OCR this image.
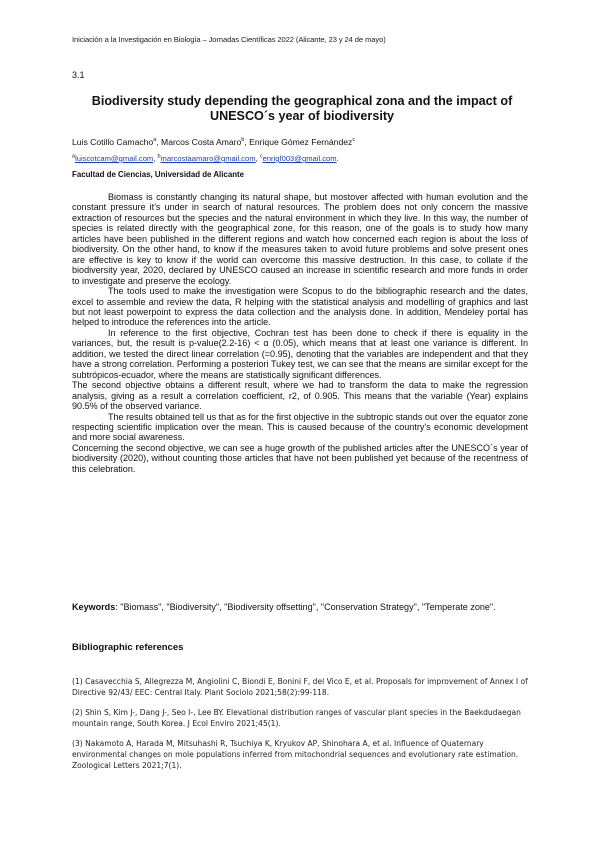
Iniciación a la Investigación en Biología – Jornadas Científicas 2022 (Alicante, 23 y 24 de mayo)
3.1
Biodiversity study depending the geographical zona and the impact of UNESCO´s year of biodiversity
Luis Cotillo Camacho$^a$, Marcos Costa Amaro$^b$, Enrique Gómez Fernández$^c$
$^a$luiscotcam@gmail.com, $^b$marcostaamaro@gmail.com, $^c$enrigf003@gmail.com.
Facultad de Ciencias, Universidad de Alicante

Biomass is constantly changing its natural shape, but mostover affected with human evolution and the constant pressure it's under in search of natural resources. The problem does not only concern the massive extraction of resources but the species and the natural environment in which they live. In this way, the number of species is related directly with the geographical zone, for this reason, one of the goals is to study how many articles have been published in the different regions and watch how concerned each region is about the loss of biodiversity. On the other hand, to know if the measures taken to avoid future problems and solve present ones are effective is key to know if the world can overcome this massive destruction. In this case, to collate if the biodiversity year, 2020, declared by UNESCO caused an increase in scientific research and more funds in order to investigate and preserve the ecology.

The tools used to make the investigation were Scopus to do the bibliographic research and the dates, excel to assemble and review the data, R helping with the statistical analysis and modelling of graphics and last but not least powerpoint to express the data collection and the analysis done. In addition, Mendeley portal has helped to introduce the references into the article.

In reference to the first objective, Cochran test has been done to check if there is equality in the variances, but, the result is p-value(2.2-16) < α (0.05), which means that at least one variance is different. In addition, we tested the direct linear correlation (=0.95), denoting that the variables are independent and that they have a strong correlation. Performing a posteriori Tukey test, we can see that the means are similar except for the subtrópicos-ecuador, where the means are statistically significant differences.

The second objective obtains a different result, where we had to transform the data to make the regression analysis, giving as a result a correlation coefficient, r2, of 0.905. This means that the variable (Year) explains 90.5% of the observed variance.

The results obtained tell us that as for the first objective in the subtropic stands out over the equator zone respecting scientific implication over the mean. This is caused because of the country's economic development and more social awareness.

Concerning the second objective, we can see a huge growth of the published articles after the UNESCO´s year of biodiversity (2020), without counting those articles that have not been published yet because of the recentness of this celebration.

Keywords: "Biomass", "Biodiversity", "Biodiversity offsetting", "Conservation Strategy", "Temperate zone".
Bibliographic references
(1) Casavecchia S, Allegrezza M, Angiolini C, Biondi E, Bonini F, del Vico E, et al. Proposals for improvement of Annex I of Directive 92/43/ EEC: Central Italy. Plant Sociolo 2021;58(2):99-118.
(2) Shin S, Kim J-, Dang J-, Seo I-, Lee BY. Elevational distribution ranges of vascular plant species in the Baekdudaegan mountain range, South Korea. J Ecol Enviro 2021;45(1).
(3) Nakamoto A, Harada M, Mitsuhashi R, Tsuchiya K, Kryukov AP, Shinohara A, et al. Influence of Quaternary environmental changes on mole populations inferred from mitochondrial sequences and evolutionary rate estimation. Zoological Letters 2021;7(1).
